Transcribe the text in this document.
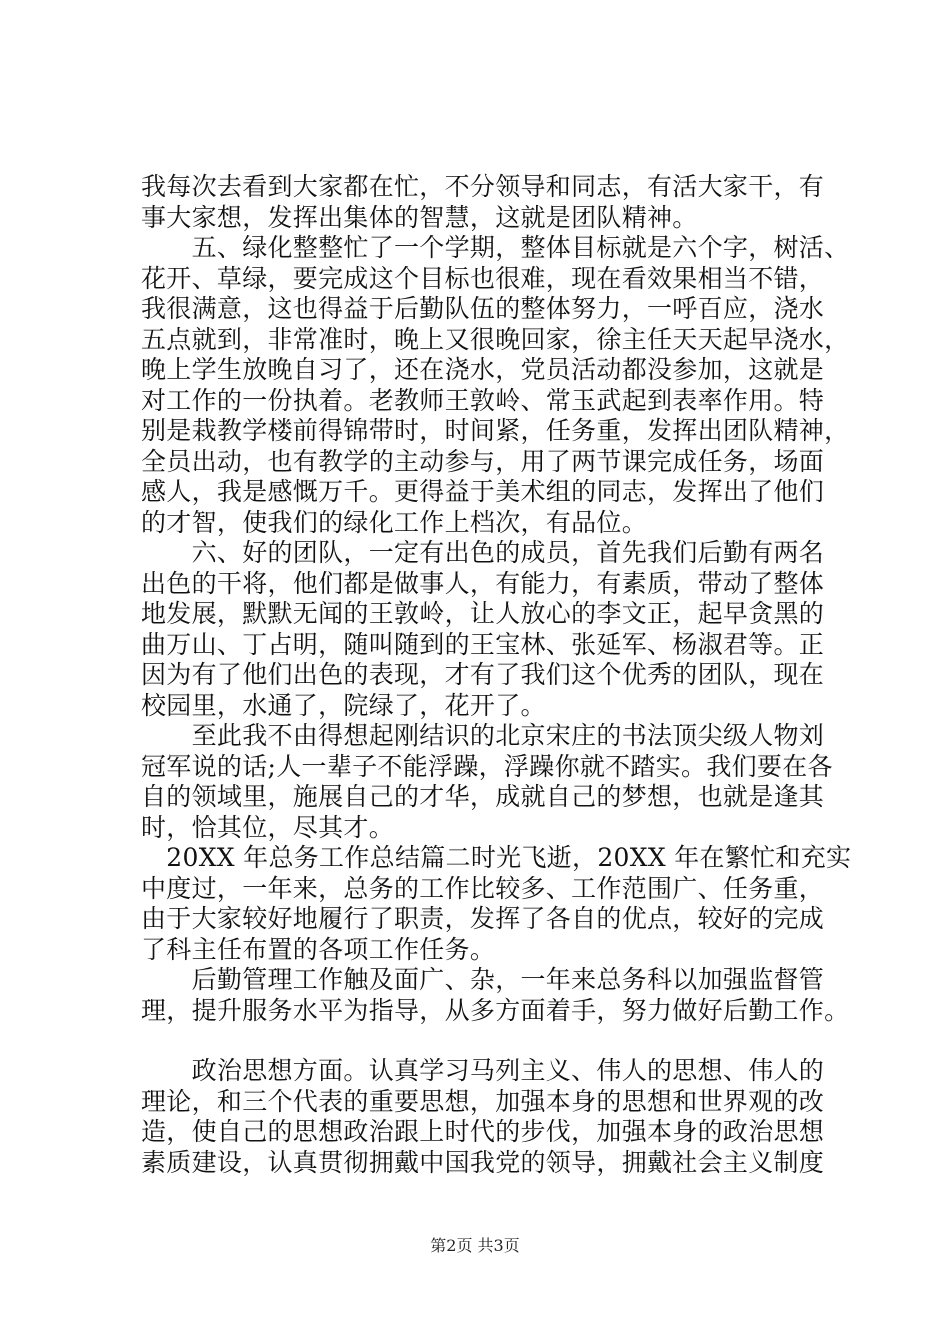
我每次去看到大家都在忙，不分领导和同志，有活大家干，有
事大家想，发挥出集体的智慧，这就是团队精神。
　　五、绿化整整忙了一个学期，整体目标就是六个字，树活、
花开、草绿，要完成这个目标也很难，现在看效果相当不错，
我很满意，这也得益于后勤队伍的整体努力，一呼百应，浇水
五点就到，非常准时，晚上又很晚回家，徐主任天天起早浇水，
晚上学生放晚自习了，还在浇水，党员活动都没参加，这就是
对工作的一份执着。老教师王敦岭、常玉武起到表率作用。特
别是栽教学楼前得锦带时，时间紧，任务重，发挥出团队精神，
全员出动，也有教学的主动参与，用了两节课完成任务，场面
感人，我是感慨万千。更得益于美术组的同志，发挥出了他们
的才智，使我们的绿化工作上档次，有品位。
　　六、好的团队，一定有出色的成员，首先我们后勤有两名
出色的干将，他们都是做事人，有能力，有素质，带动了整体
地发展，默默无闻的王敦岭，让人放心的李文正，起早贪黑的
曲万山、丁占明，随叫随到的王宝林、张延军、杨淑君等。正
因为有了他们出色的表现，才有了我们这个优秀的团队，现在
校园里，水通了，院绿了，花开了。
　　至此我不由得想起刚结识的北京宋庄的书法顶尖级人物刘
冠军说的话;人一辈子不能浮躁，浮躁你就不踏实。我们要在各
自的领域里，施展自己的才华，成就自己的梦想，也就是逢其
时，恰其位，尽其才。
　20XX 年总务工作总结篇二时光飞逝，20XX 年在繁忙和充实
中度过，一年来，总务的工作比较多、工作范围广、任务重，
由于大家较好地履行了职责，发挥了各自的优点，较好的完成
了科主任布置的各项工作任务。
　　后勤管理工作触及面广、杂，一年来总务科以加强监督管
理，提升服务水平为指导，从多方面着手，努力做好后勤工作。
　　政治思想方面。认真学习马列主义、伟人的思想、伟人的
理论，和三个代表的重要思想，加强本身的思想和世界观的改
造，使自己的思想政治跟上时代的步伐，加强本身的政治思想
素质建设，认真贯彻拥戴中国我党的领导，拥戴社会主义制度
第2页 共3页
